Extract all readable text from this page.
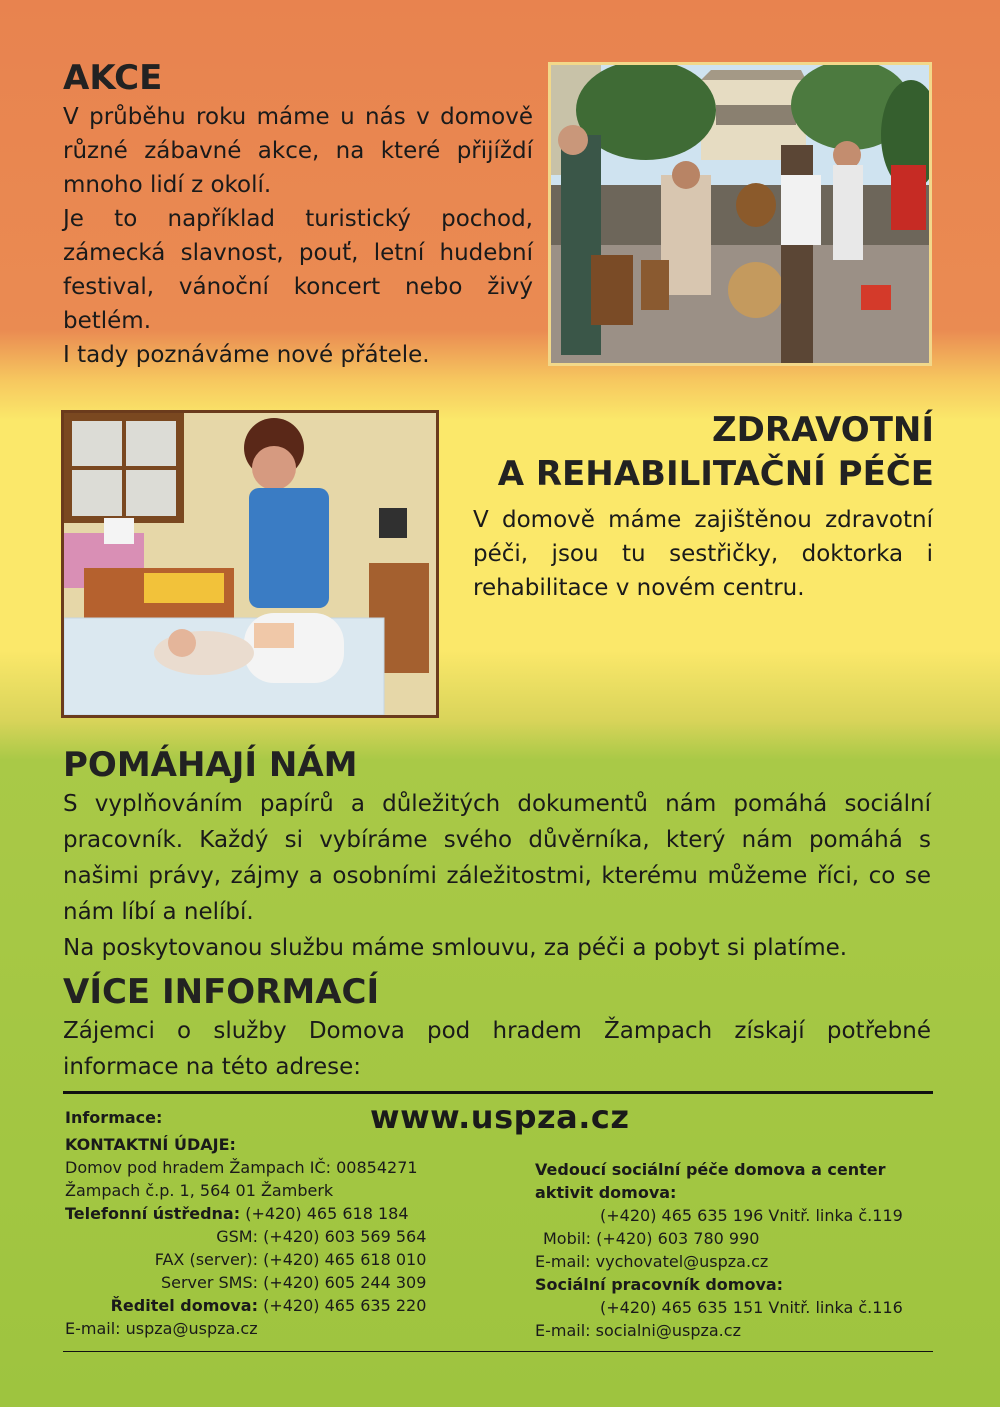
AKCE

V průběhu roku máme u nás v domově různé zábavné akce, na které přijíždí mnoho lidí z okolí.

Je to například turistický pochod, zámecká slavnost, pouť, letní hudební festival, vánoční koncert nebo živý betlém.

I tady poznáváme nové přátele.

ZDRAVOTNÍ
A REHABILITAČNÍ PÉČE

V domově máme zajištěnou zdravotní péči, jsou tu sestřičky, doktorka i rehabilitace v novém centru.

POMÁHAJÍ NÁM

S vyplňováním papírů a důležitých dokumentů nám pomáhá sociální pracovník. Každý si vybíráme svého důvěrníka, který nám pomáhá s našimi právy, zájmy a osobními záležitostmi, kterému můžeme říci, co se nám líbí a nelíbí.

Na poskytovanou službu máme smlouvu, za péči a pobyt si platíme.

VÍCE INFORMACÍ
Zájemci o služby Domova pod hradem Žampach získají potřebné informace na této adrese:
Informace:	www.uspza.cz
KONTAKTNÍ ÚDAJE:
Domov pod hradem Žampach IČ: 00854271
Žampach č.p. 1, 564 01 Žamberk
Telefonní ústředna: (+420) 465 618 184
GSM: (+420) 603 569 564
FAX (server): (+420) 465 618 010
Server SMS: (+420) 605 244 309
Ředitel domova: (+420) 465 635 220
E-mail: uspza@uspza.cz
Vedoucí sociální péče domova a center
aktivit domova:
(+420) 465 635 196 Vnitř. linka č.119
Mobil: (+420) 603 780 990
E-mail: vychovatel@uspza.cz
Sociální pracovník domova:
(+420) 465 635 151 Vnitř. linka č.116
E-mail: socialni@uspza.cz
